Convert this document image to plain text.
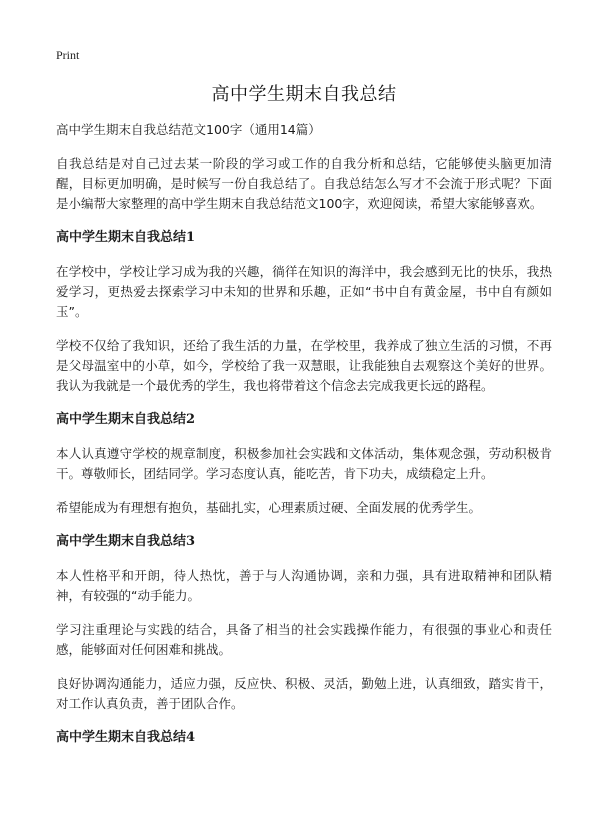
Print
高中学生期末自我总结

高中学生期末自我总结范文100字（通用14篇）

自我总结是对自己过去某一阶段的学习或工作的自我分析和总结，它能够使头脑更加清醒，目标更加明确，是时候写一份自我总结了。自我总结怎么写才不会流于形式呢？下面是小编帮大家整理的高中学生期末自我总结范文100字，欢迎阅读，希望大家能够喜欢。

高中学生期末自我总结1

在学校中，学校让学习成为我的兴趣，徜徉在知识的海洋中，我会感到无比的快乐，我热爱学习，更热爱去探索学习中未知的世界和乐趣，正如“书中自有黄金屋，书中自有颜如玉”。

学校不仅给了我知识，还给了我生活的力量，在学校里，我养成了独立生活的习惯，不再是父母温室中的小草，如今，学校给了我一双慧眼，让我能独自去观察这个美好的世界。我认为我就是一个最优秀的学生，我也将带着这个信念去完成我更长远的路程。

高中学生期末自我总结2

本人认真遵守学校的规章制度，积极参加社会实践和文体活动，集体观念强，劳动积极肯干。尊敬师长，团结同学。学习态度认真，能吃苦，肯下功夫，成绩稳定上升。

希望能成为有理想有抱负，基础扎实，心理素质过硬、全面发展的优秀学生。

高中学生期末自我总结3

本人性格平和开朗，待人热忱，善于与人沟通协调，亲和力强，具有进取精神和团队精神，有较强的“动手能力。

学习注重理论与实践的结合，具备了相当的社会实践操作能力，有很强的事业心和责任感，能够面对任何困难和挑战。

良好协调沟通能力，适应力强，反应快、积极、灵活，勤勉上进，认真细致，踏实肯干，对工作认真负责，善于团队合作。

高中学生期末自我总结4
